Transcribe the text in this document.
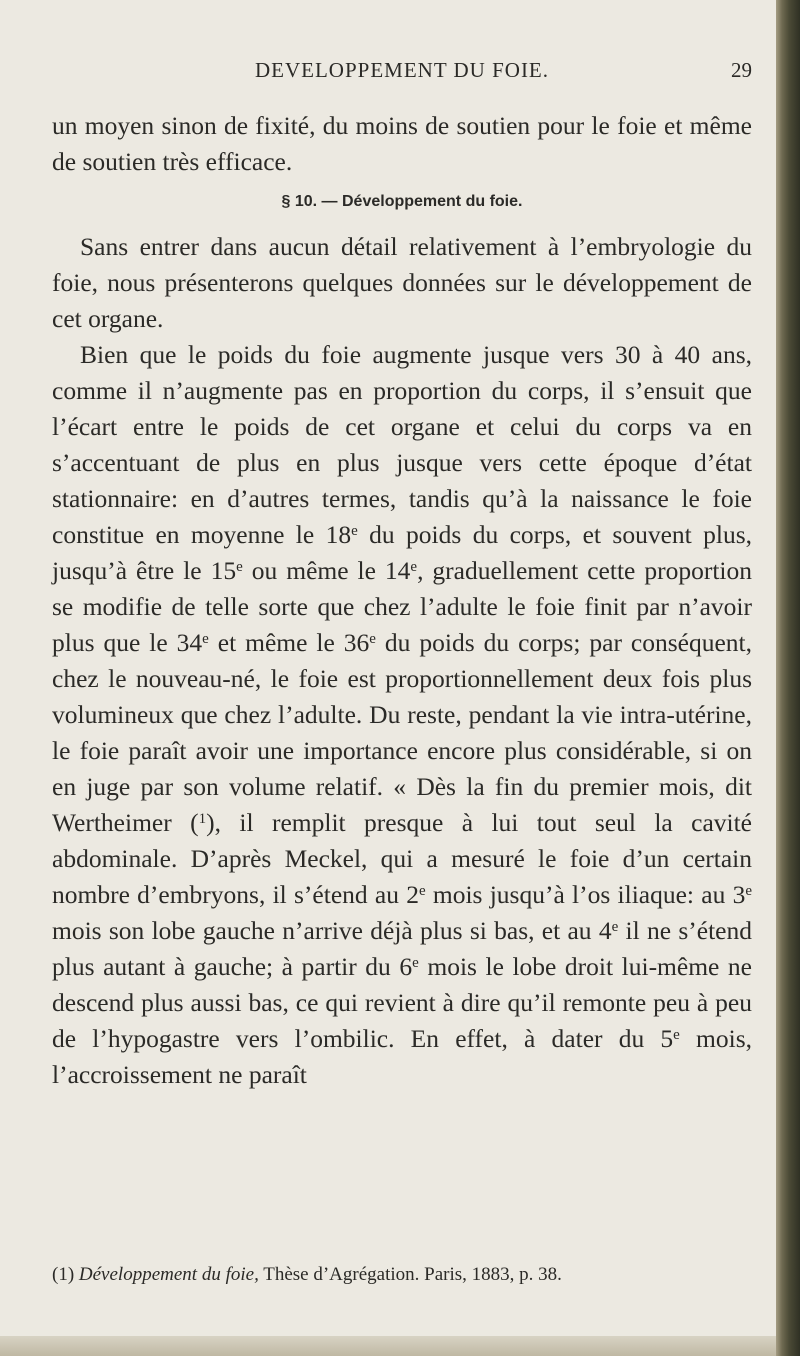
DEVELOPPEMENT DU FOIE.	29

un moyen sinon de fixité, du moins de soutien pour le foie et même de soutien très efficace.

§ 10. — Développement du foie.

Sans entrer dans aucun détail relativement à l’embryologie du foie, nous présenterons quelques données sur le développement de cet organe.

Bien que le poids du foie augmente jusque vers 30 à 40 ans, comme il n’augmente pas en proportion du corps, il s’ensuit que l’écart entre le poids de cet organe et celui du corps va en s’accentuant de plus en plus jusque vers cette époque d’état stationnaire: en d’autres termes, tandis qu’à la naissance le foie constitue en moyenne le 18e du poids du corps, et souvent plus, jusqu’à être le 15e ou même le 14e, graduellement cette proportion se modifie de telle sorte que chez l’adulte le foie finit par n’avoir plus que le 34e et même le 36e du poids du corps; par conséquent, chez le nouveau-né, le foie est proportionnellement deux fois plus volumineux que chez l’adulte. Du reste, pendant la vie intra-utérine, le foie paraît avoir une importance encore plus considérable, si on en juge par son volume relatif. « Dès la fin du premier mois, dit Wertheimer ($^1$), il remplit presque à lui tout seul la cavité abdominale. D’après Meckel, qui a mesuré le foie d’un certain nombre d’embryons, il s’étend au 2e mois jusqu’à l’os iliaque: au 3e mois son lobe gauche n’arrive déjà plus si bas, et au 4e il ne s’étend plus autant à gauche; à partir du 6e mois le lobe droit lui-même ne descend plus aussi bas, ce qui revient à dire qu’il remonte peu à peu de l’hypogastre vers l’ombilic. En effet, à dater du 5e mois, l’accroissement ne paraît

(1) Développement du foie, Thèse d’Agrégation. Paris, 1883, p. 38.
